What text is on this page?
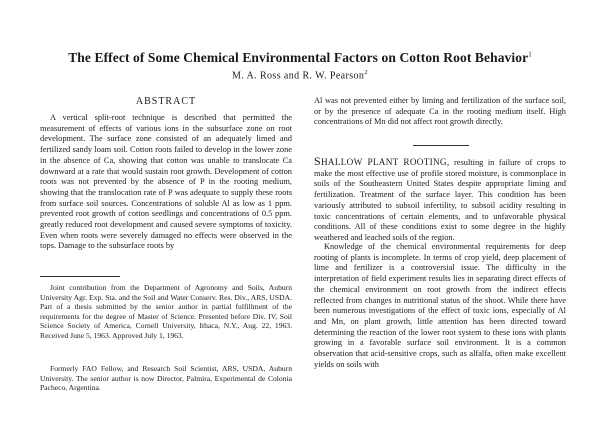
The Effect of Some Chemical Environmental Factors on Cotton Root Behavior$^1$
M. A. Ross and R. W. Pearson$^2$
ABSTRACT

A vertical split-root technique is described that permitted the measurement of effects of various ions in the subsurface zone on root development. The surface zone consisted of an adequately limed and fertilized sandy loam soil. Cotton roots failed to develop in the lower zone in the absence of Ca, showing that cotton was unable to translocate Ca downward at a rate that would sustain root growth. Development of cotton roots was not prevented by the absence of P in the rooting medium, showing that the translocation rate of P was adequate to supply these roots from surface soil sources. Concentrations of soluble Al as low as 1 ppm. prevented root growth of cotton seedlings and concentrations of 0.5 ppm. greatly reduced root development and caused severe symptoms of toxicity. Even when roots were severely damaged no effects were observed in the tops. Damage to the subsurface roots by

Joint contribution from the Department of Agronomy and Soils, Auburn University Agr. Exp. Sta. and the Soil and Water Conserv. Res. Div., ARS, USDA. Part of a thesis submitted by the senior author in partial fulfillment of the requirements for the degree of Master of Science. Presented before Div. IV, Soil Science Society of America, Cornell University, Ithaca, N.Y., Aug. 22, 1963. Received June 5, 1963. Approved July 1, 1963.

Formerly FAO Fellow, and Research Soil Scientist, ARS, USDA, Auburn University. The senior author is now Director, Palmira, Experimental de Colonia Pacheco, Argentina.

Al was not prevented either by liming and fertilization of the surface soil, or by the presence of adequate Ca in the rooting medium itself. High concentrations of Mn did not affect root growth directly.

SHALLOW PLANT ROOTING, resulting in failure of crops to make the most effective use of profile stored moisture, is commonplace in soils of the Southeastern United States despite appropriate liming and fertilization. Treatment of the surface layer. This condition has been variously attributed to subsoil infertility, to subsoil acidity resulting in toxic concentrations of certain elements, and to unfavorable physical conditions. All of these conditions exist to some degree in the highly weathered and leached soils of the region.

Knowledge of the chemical environmental requirements for deep rooting of plants is incomplete. In terms of crop yield, deep placement of lime and fertilizer is a controversial issue. The difficulty in the interpretation of field experiment results lies in separating direct effects of the chemical environment on root growth from the indirect effects reflected from changes in nutritional status of the shoot. While there have been numerous investigations of the effect of toxic ions, especially of Al and Mn, on plant growth, little attention has been directed toward determining the reaction of the lower root system to these ions with plants growing in a favorable surface soil environment. It is a common observation that acid-sensitive crops, such as alfalfa, often make excellent yields on soils with
